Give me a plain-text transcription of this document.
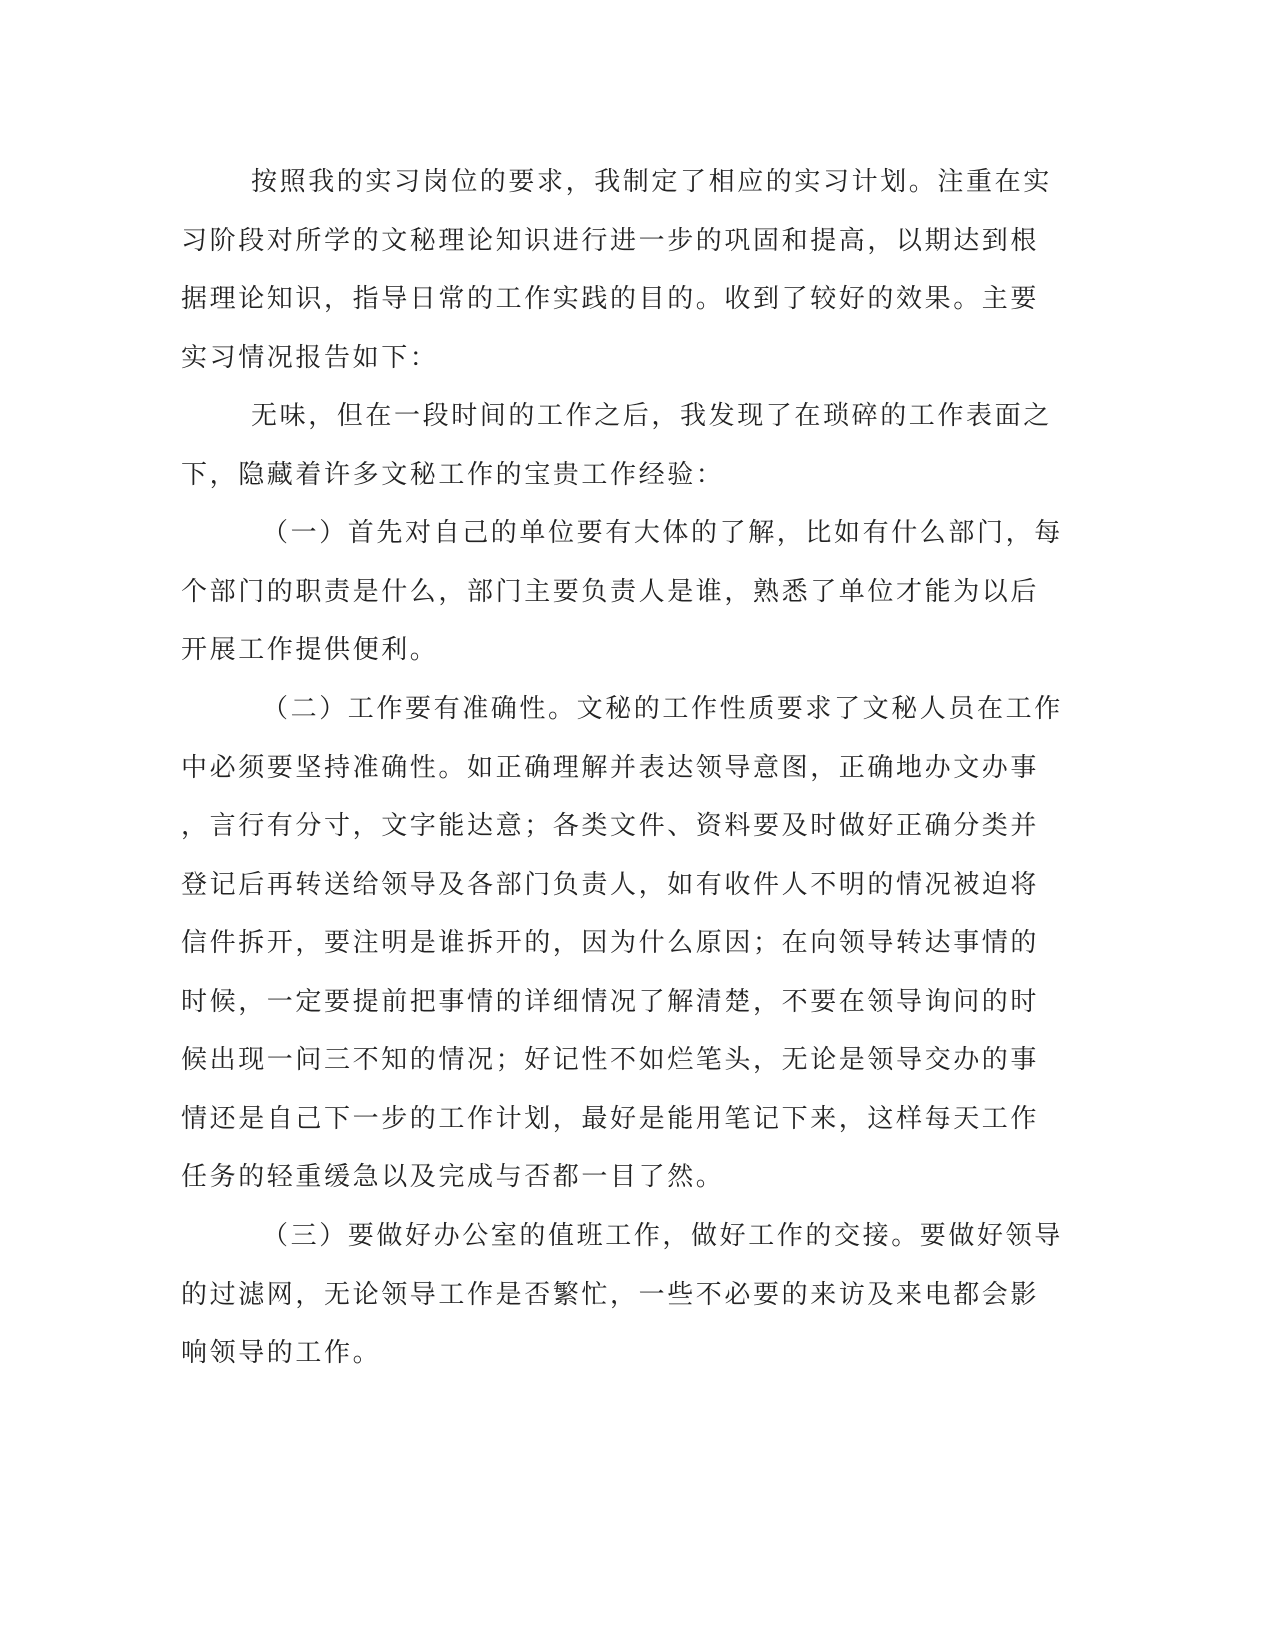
按照我的实习岗位的要求，我制定了相应的实习计划。注重在实

习阶段对所学的文秘理论知识进行进一步的巩固和提高，以期达到根

据理论知识，指导日常的工作实践的目的。收到了较好的效果。主要

实习情况报告如下：

无味，但在一段时间的工作之后，我发现了在琐碎的工作表面之

下，隐藏着许多文秘工作的宝贵工作经验：

（一）首先对自己的单位要有大体的了解，比如有什么部门，每

个部门的职责是什么，部门主要负责人是谁，熟悉了单位才能为以后

开展工作提供便利。

（二）工作要有准确性。文秘的工作性质要求了文秘人员在工作

中必须要坚持准确性。如正确理解并表达领导意图，正确地办文办事

，言行有分寸，文字能达意；各类文件、资料要及时做好正确分类并

登记后再转送给领导及各部门负责人，如有收件人不明的情况被迫将

信件拆开，要注明是谁拆开的，因为什么原因；在向领导转达事情的

时候，一定要提前把事情的详细情况了解清楚，不要在领导询问的时

候出现一问三不知的情况；好记性不如烂笔头，无论是领导交办的事

情还是自己下一步的工作计划，最好是能用笔记下来，这样每天工作

任务的轻重缓急以及完成与否都一目了然。

（三）要做好办公室的值班工作，做好工作的交接。要做好领导

的过滤网，无论领导工作是否繁忙，一些不必要的来访及来电都会影

响领导的工作。
